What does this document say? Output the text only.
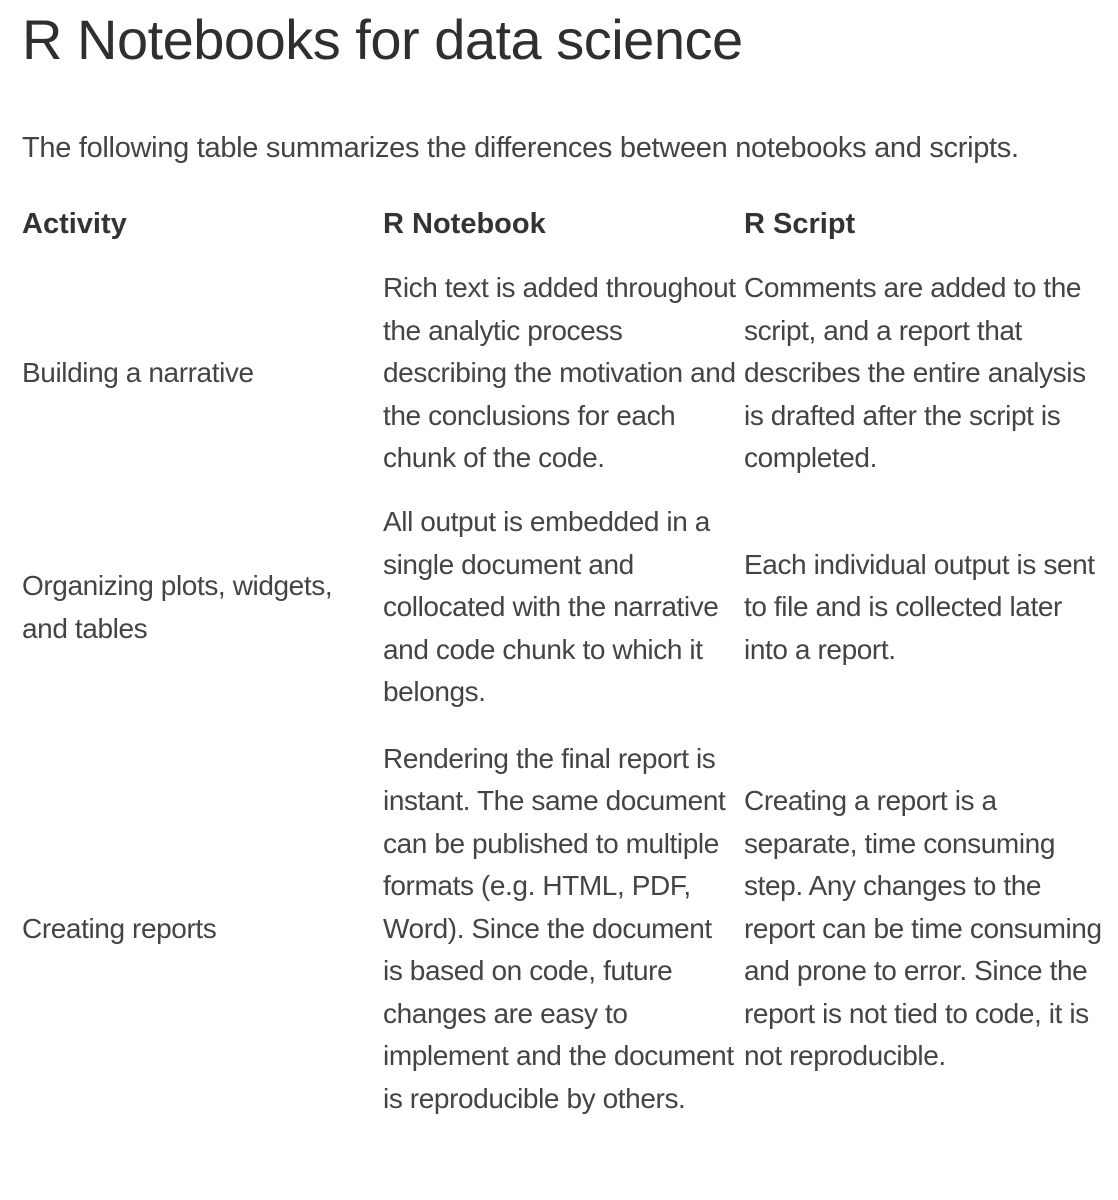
R Notebooks for data science

The following table summarizes the differences between notebooks and scripts.

Activity	R Notebook	R Script
Building a narrative	Rich text is added throughout the analytic process describing the motivation and the conclusions for each chunk of the code.	Comments are added to the script, and a report that describes the entire analysis is drafted after the script is completed.
Organizing plots, widgets, and tables	All output is embedded in a single document and collocated with the narrative and code chunk to which it belongs.	Each individual output is sent to file and is collected later into a report.
Creating reports	Rendering the final report is instant. The same document can be published to multiple formats (e.g. HTML, PDF, Word). Since the document is based on code, future changes are easy to implement and the document is reproducible by others.	Creating a report is a separate, time consuming step. Any changes to the report can be time consuming and prone to error. Since the report is not tied to code, it is not reproducible.
